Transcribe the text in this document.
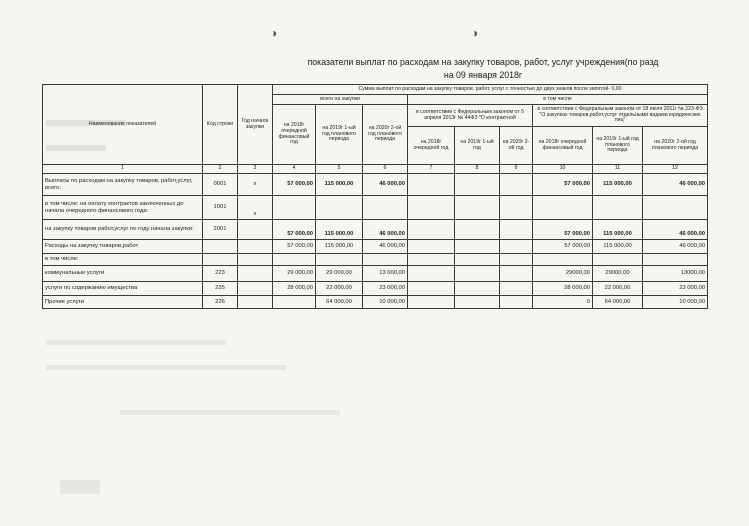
◑	◑
показатели выплат по расходам на закупку товаров, работ, услуг учреждения(по разд
на 09 января 2018г
Наименование показателей	Код строки	Год начала закупки	Сумма выплат по расходам на закупку товаров, работ, услуг с точностью до двух знаков после запятой- 0,00								
			всего на закупки			в том числе					
			на 2018г очередной финансовый год	на 2019г 1-ый год планового периода	на 2020г 2-ой год планового периода	в соответствии с Федеральным законом от 5 апреля 2013г № 44ФЗ "О контрактной			в соответствии с Федеральным законом от 18 июля 2011г № 223-ФЗ "О закупках товаров,работ,услуг отдельными видами юридических лиц"		
						на 2018г очередной год	на 2019г 1-ый год	на 2020г 2-ой год	на 2018г очередной финансовый год	на 2019г 1-ый год планового периода	на 2020г 2-ой год планового периода
1	2	3	4	5	6	7	8	9	10	11	12
Выплаты по расходам на закупку товаров, работ,услуг, всего:	0001	х	57 000,00	115 000,00	46 000,00				57 000,00	115 000,00	46 000,00
в том числе: на оплату контрактов заключенных до начала очередного финансового года:	1001	х									
на закупку товаров работ,услуг по году начала закупки:	2001		57 000,00	115 000,00	46 000,00				57 000,00	115 000,00	46 000,00
Расходы на закупку товаров,работ			57 000,00	115 000,00	46 000,00				57 000,00	115 000,00	46 000,00
в том числе:											
коммунальные услуги	223		29 000,00	29 000,00	13 000,00				29000,00	29000,00	13000,00
услуги по содержанию имущества	225		28 000,00	22 000,00	23 000,00				28 000,00	22 000,00	23 000,00
Прочие услуги	226			64 000,00	10 000,00				0	64 000,00	10 000,00
